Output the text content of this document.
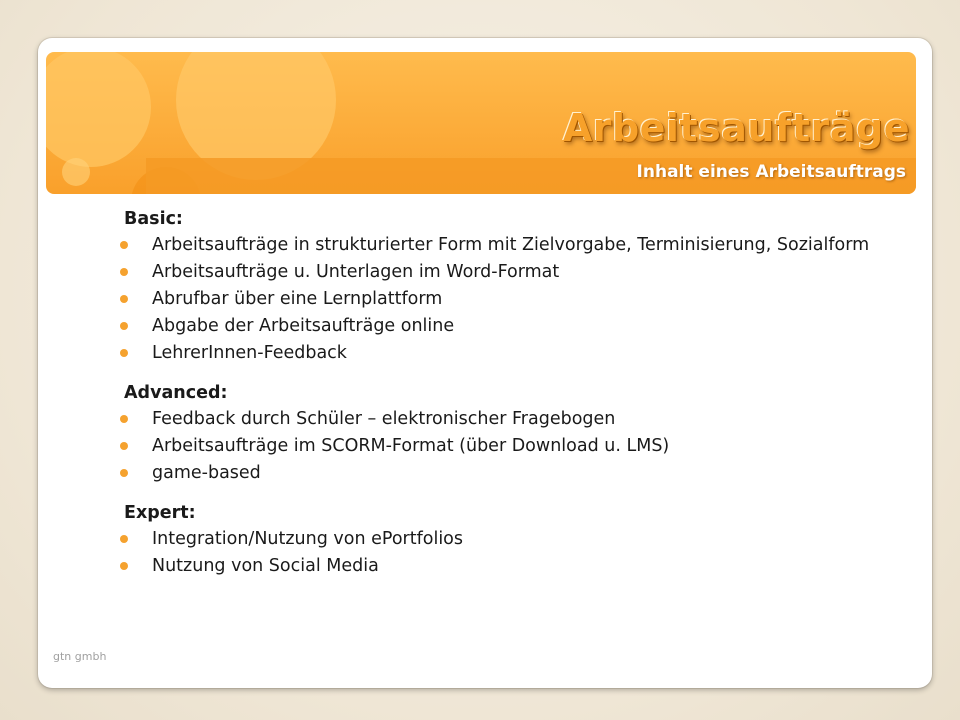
Arbeitsaufträge
Inhalt eines Arbeitsauftrags

Basic:

Arbeitsaufträge in strukturierter Form mit Zielvorgabe, Terminisierung, Sozialform
Arbeitsaufträge u. Unterlagen im Word-Format
Abrufbar über eine Lernplattform
Abgabe der Arbeitsaufträge online
LehrerInnen-Feedback

Advanced:

Feedback durch Schüler – elektronischer Fragebogen
Arbeitsaufträge im SCORM-Format (über Download u. LMS)
game-based

Expert:

Integration/Nutzung von ePortfolios
Nutzung von Social Media
gtn gmbh
